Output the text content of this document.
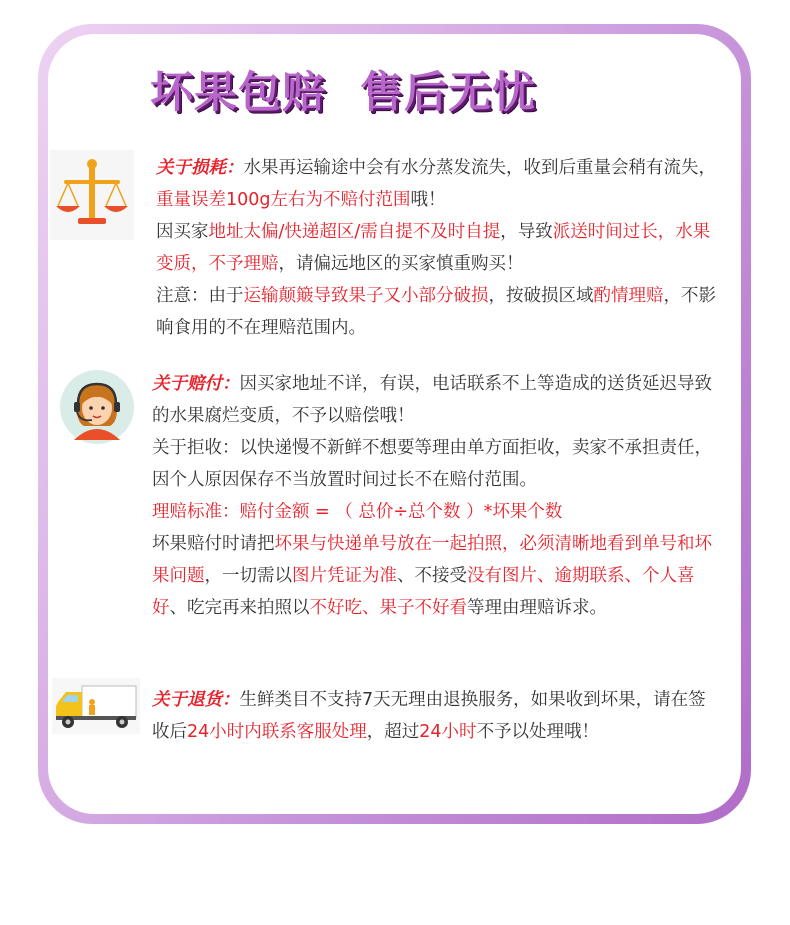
坏果包赔 售后无忧

关于损耗：水果再运输途中会有水分蒸发流失，收到后重量会稍有流失，重量误差100g左右为不赔付范围哦！

因买家地址太偏/快递超区/需自提不及时自提，导致派送时间过长，水果变质，不予理赔，请偏远地区的买家慎重购买！

注意：由于运输颠簸导致果子又小部分破损，按破损区域酌情理赔，不影响食用的不在理赔范围内。

关于赔付：因买家地址不详，有误，电话联系不上等造成的送货延迟导致的水果腐烂变质，不予以赔偿哦！

关于拒收：以快递慢不新鲜不想要等理由单方面拒收，卖家不承担责任，因个人原因保存不当放置时间过长不在赔付范围。

理赔标准：赔付金额 = （ 总价÷总个数 ）*坏果个数

坏果赔付时请把坏果与快递单号放在一起拍照，必须清晰地看到单号和坏果问题，一切需以图片凭证为准、不接受没有图片、逾期联系、个人喜好、吃完再来拍照以不好吃、果子不好看等理由理赔诉求。

关于退货：生鲜类目不支持7天无理由退换服务，如果收到坏果，请在签收后24小时内联系客服处理，超过24小时不予以处理哦！
